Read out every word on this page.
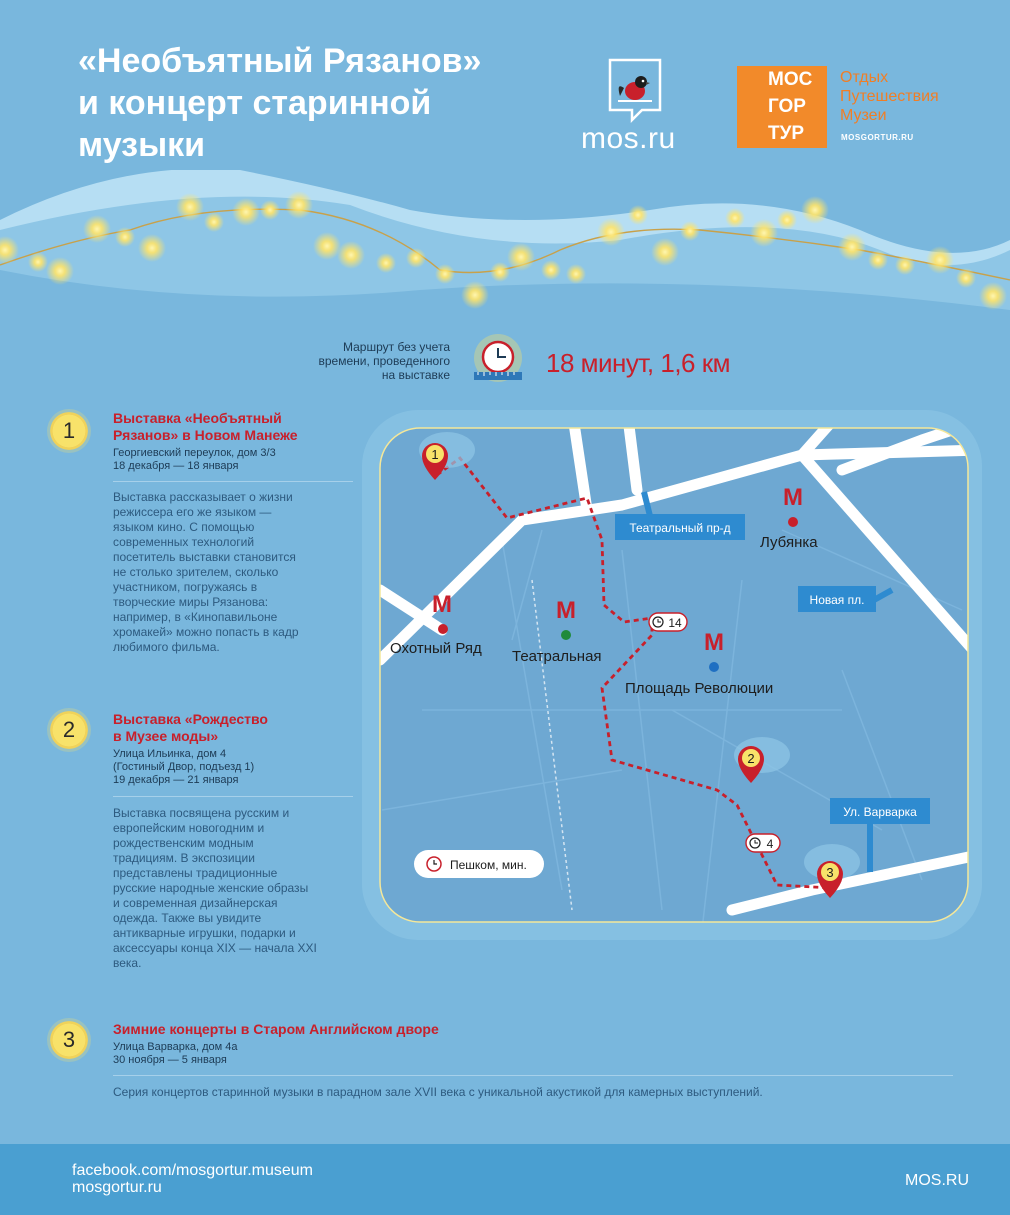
«Необъятный Рязанов»
и концерт старинной
музыки	mos.ru
МОС
ГОР
ТУР
Отдых
Путешествия
Музеи
MOSGORTUR.RU
Маршрут без учета
времени, проведенного
на выставке	18 минут, 1,6 км
1	Выставка «Необъятный
Рязанов» в Новом Манеже
Георгиевский переулок, дом 3/3
18 декабря — 18 января
Выставка рассказывает о жизни
режиссера его же языком —
языком кино. С помощью
современных технологий
посетитель выставки становится
не столько зрителем, сколько
участником, погружаясь в
творческие миры Рязанова:
например, в «Кинопавильоне
хромакей» можно попасть в кадр
любимого фильма.
2	Выставка «Рождество
в Музее моды»
Улица Ильинка, дом 4
(Гостиный Двор, подъезд 1)
19 декабря — 21 января
Выставка посвящена русским и
европейским новогодним и
рождественским модным
традициям. В экспозиции
представлены традиционные
русские народные женские образы
и современная дизайнерская
одежда. Также вы увидите
антикварные игрушки, подарки и
аксессуары конца XIX — начала XXI
века.
3	Зимние концерты в Старом Английском дворе
Улица Варварка, дом 4а
30 ноября — 5 января
Серия концертов старинной музыки в парадном зале XVII века с уникальной акустикой для камерных выступлений.
М	М
М
М
Охотный Ряд Театральная
Площадь Революции
Лубянка
Театральный пр-д
Новая пл.
Ул. Варварка
14
4
1
2
3
Пешком, мин.
facebook.com/mosgortur.museum
mosgortur.ru	MOS.RU
